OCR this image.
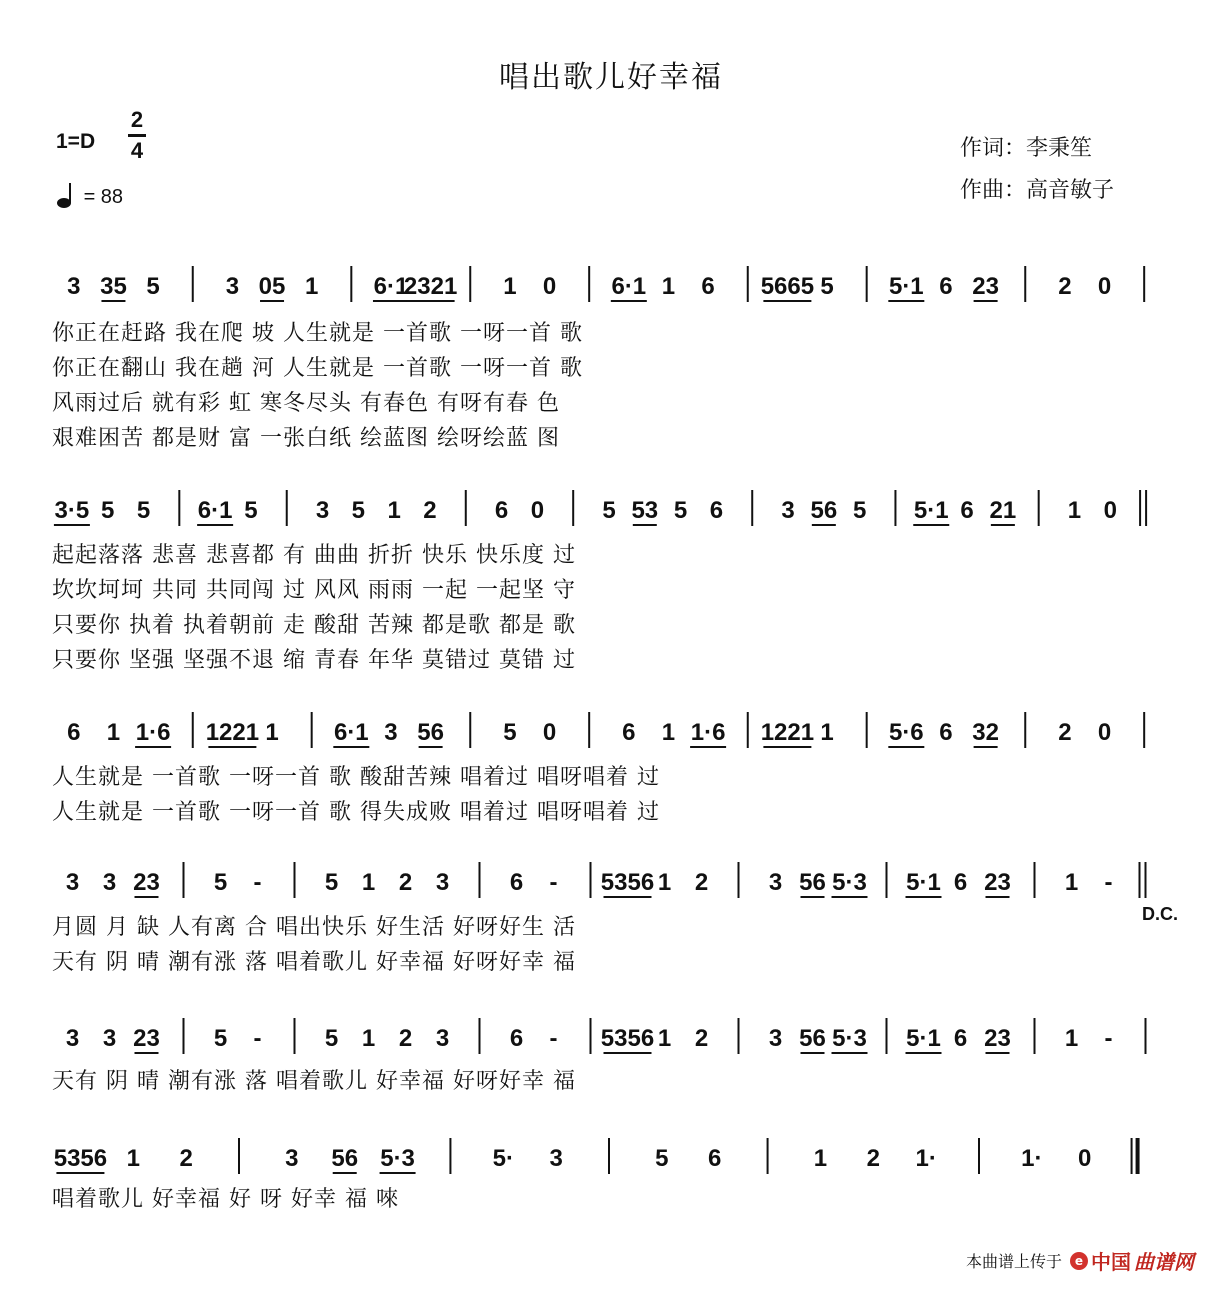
唱出歌儿好幸福
1=D
2
4
= 88
作词：李秉笙
作曲：高音敏子
3 35 5	3 05 1 6·1
2321 1 0 6·1 1 6 5665 5 5·1 6 23 2 0
你正在赶路 我在爬 坡 人生就是 一首歌 一呀一首 歌
你正在翻山 我在趟 河 人生就是 一首歌 一呀一首 歌
风雨过后 就有彩 虹 寒冬尽头 有春色 有呀有春 色
艰难困苦 都是财 富 一张白纸 绘蓝图 绘呀绘蓝 图
3·5 5 5 6·1 5 3 5 1 2 6 0 5 53 5 6 3 56 5 5·1 6 21 1 0
起起落落 悲喜 悲喜都 有 曲曲 折折 快乐 快乐度 过
坎坎坷坷 共同 共同闯 过 风风 雨雨 一起 一起坚 守
只要你 执着 执着朝前 走 酸甜 苦辣 都是歌 都是 歌
只要你 坚强 坚强不退 缩 青春 年华 莫错过 莫错 过
6 1 1·6 1221 1 6·1 3 56 5 0	6 1 1·6 1221 1 5·6 6 32 2 0
人生就是 一首歌 一呀一首 歌 酸甜苦辣 唱着过 唱呀唱着 过
人生就是 一首歌 一呀一首 歌 得失成败 唱着过 唱呀唱着 过
3 3 23 5 -	5 1 2 3	6 - 5356 1 2	3 56 5·3 5·1 6 23 1 -
月圆 月 缺 人有离 合 唱出快乐 好生活 好呀好生 活
天有 阴 晴 潮有涨 落 唱着歌儿 好幸福 好呀好幸 福
D.C.
3 3 23 5 -	5 1 2 3	6 - 5356 1 2	3 56 5·3 5·1 6 23 1 -
天有 阴 晴 潮有涨 落 唱着歌儿 好幸福 好呀好幸 福
5356 1 2	3 56 5·3	5· 3	5 6	1 2 1·	1· 0
唱着歌儿 好幸福 好 呀 好幸 福 唻
本曲谱上传于	e 中国 曲谱网
